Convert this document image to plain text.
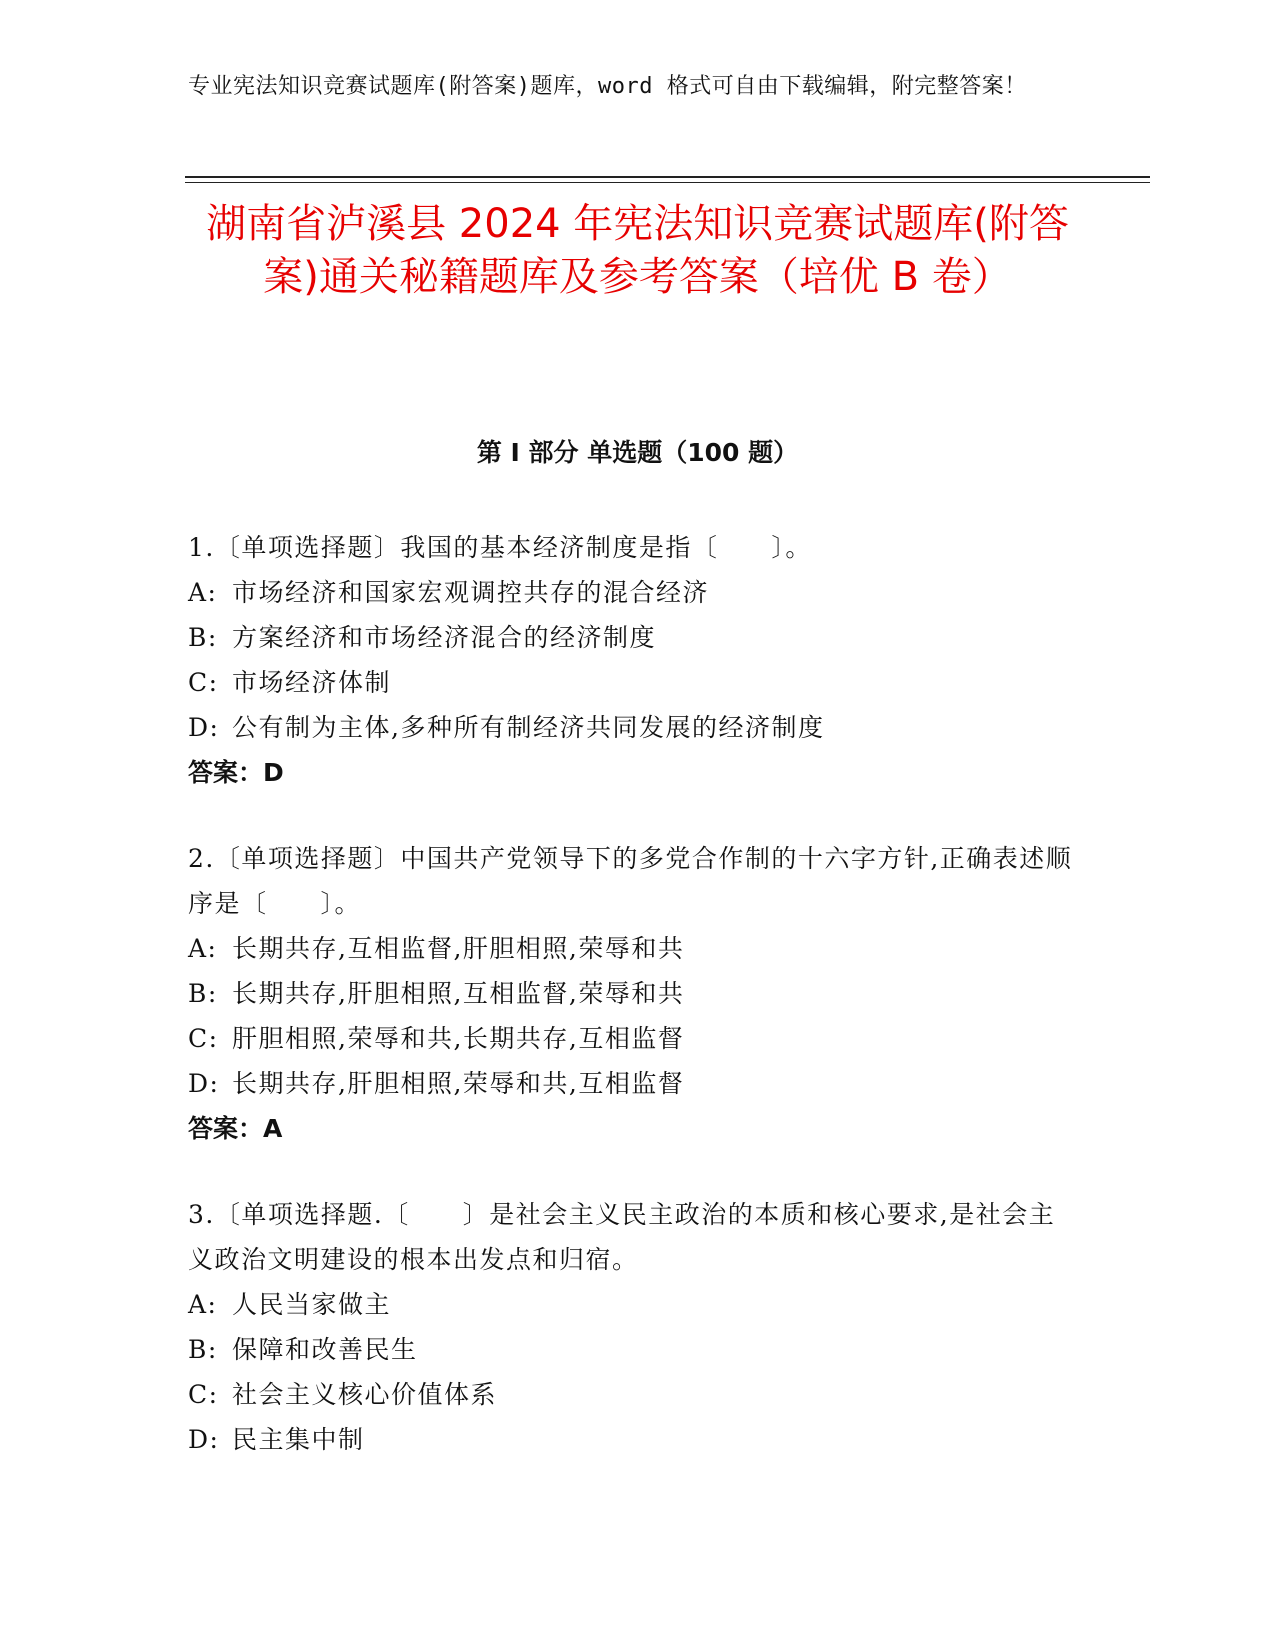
专业宪法知识竞赛试题库(附答案)题库，word 格式可自由下载编辑，附完整答案！
湖南省泸溪县 2024 年宪法知识竞赛试题库(附答案)通关秘籍题库及参考答案（培优 B 卷）
第 I 部分 单选题（100 题）

1.〔单项选择题〕我国的基本经济制度是指〔　　〕。

A: 市场经济和国家宏观调控共存的混合经济

B: 方案经济和市场经济混合的经济制度

C: 市场经济体制

D: 公有制为主体,多种所有制经济共同发展的经济制度

答案：D

2.〔单项选择题〕中国共产党领导下的多党合作制的十六字方针,正确表述顺序是〔　　〕。

A: 长期共存,互相监督,肝胆相照,荣辱和共

B: 长期共存,肝胆相照,互相监督,荣辱和共

C: 肝胆相照,荣辱和共,长期共存,互相监督

D: 长期共存,肝胆相照,荣辱和共,互相监督

答案：A

3.〔单项选择题.〔　　〕是社会主义民主政治的本质和核心要求,是社会主义政治文明建设的根本出发点和归宿。

A: 人民当家做主

B: 保障和改善民生

C: 社会主义核心价值体系

D: 民主集中制
